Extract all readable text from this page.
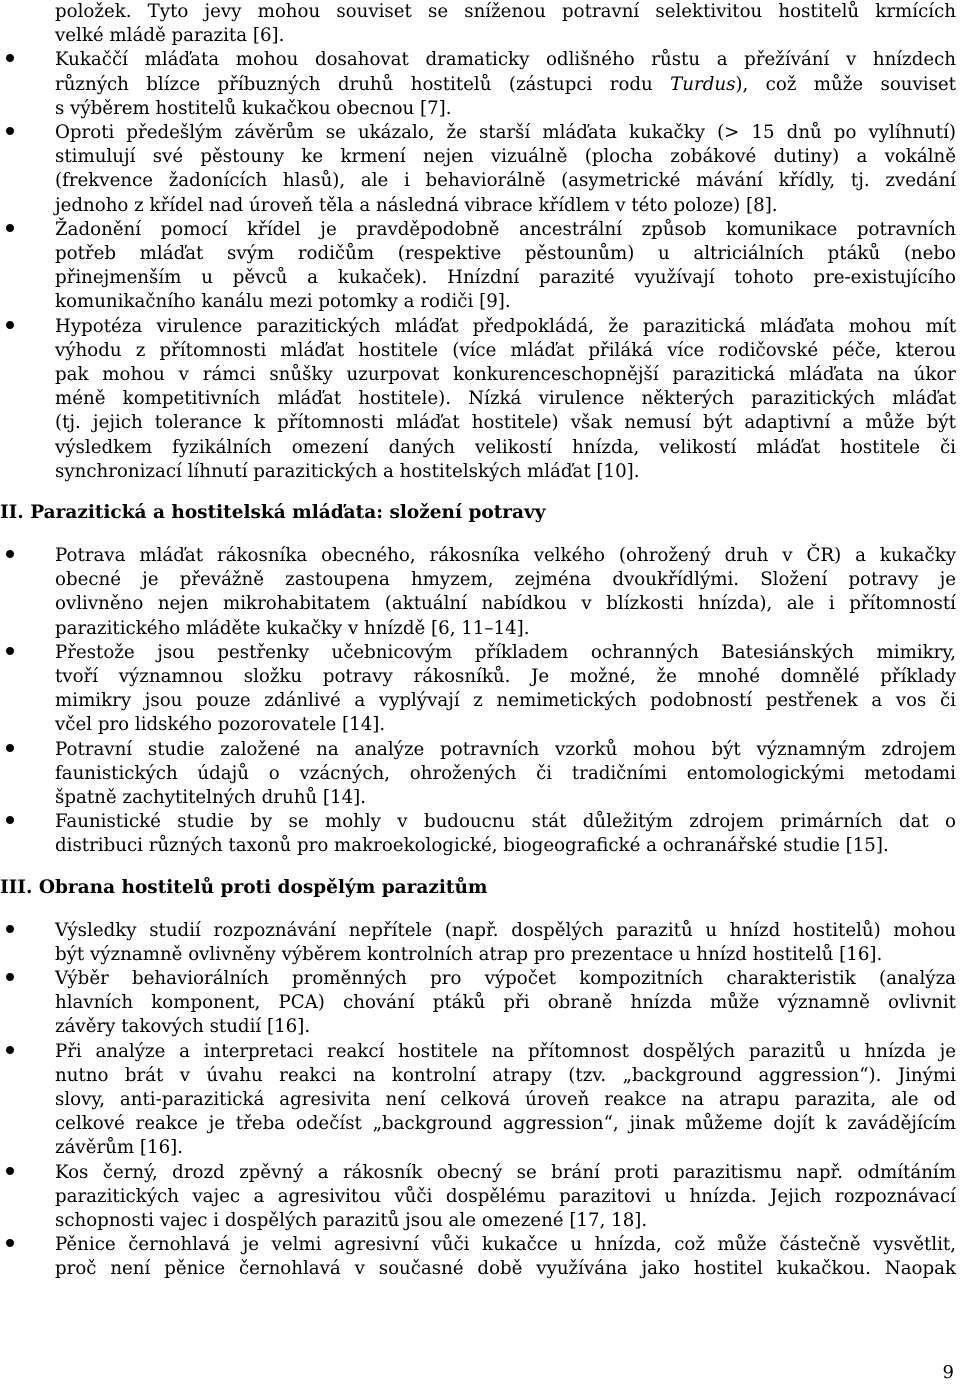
9
položek. Tyto jevy mohou souviset se sníženou potravní selektivitou hostitelů krmících
velké mládě parazita [6].
Kukaččí mláďata mohou dosahovat dramaticky odlišného růstu a přežívání v hnízdech
různých blízce příbuzných druhů hostitelů (zástupci rodu Turdus), což může souviset
s výběrem hostitelů kukačkou obecnou [7].
Oproti předešlým závěrům se ukázalo, že starší mláďata kukačky (> 15 dnů po vylíhnutí)
stimulují své pěstouny ke krmení nejen vizuálně (plocha zobákové dutiny) a vokálně
(frekvence žadonících hlasů), ale i behaviorálně (asymetrické mávání křídly, tj. zvedání
jednoho z křídel nad úroveň těla a následná vibrace křídlem v této poloze) [8].
Žadonění pomocí křídel je pravděpodobně ancestrální způsob komunikace potravních
potřeb mláďat svým rodičům (respektive pěstounům) u altriciálních ptáků (nebo
přinejmenším u pěvců a kukaček). Hnízdní parazité využívají tohoto pre-existujícího
komunikačního kanálu mezi potomky a rodiči [9].
Hypotéza virulence parazitických mláďat předpokládá, že parazitická mláďata mohou mít
výhodu z přítomnosti mláďat hostitele (více mláďat přiláká více rodičovské péče, kterou
pak mohou v rámci snůšky uzurpovat konkurenceschopnější parazitická mláďata na úkor
méně kompetitivních mláďat hostitele). Nízká virulence některých parazitických mláďat
(tj. jejich tolerance k přítomnosti mláďat hostitele) však nemusí být adaptivní a může být
výsledkem fyzikálních omezení daných velikostí hnízda, velikostí mláďat hostitele či
synchronizací líhnutí parazitických a hostitelských mláďat [10].
II. Parazitická a hostitelská mláďata: složení potravy
Potrava mláďat rákosníka obecného, rákosníka velkého (ohrožený druh v ČR) a kukačky
obecné je převážně zastoupena hmyzem, zejména dvoukřídlými. Složení potravy je
ovlivněno nejen mikrohabitatem (aktuální nabídkou v blízkosti hnízda), ale i přítomností
parazitického mláděte kukačky v hnízdě [6, 11–14].
Přestože jsou pestřenky učebnicovým příkladem ochranných Batesiánských mimikry,
tvoří významnou složku potravy rákosníků. Je možné, že mnohé domnělé příklady
mimikry jsou pouze zdánlivé a vyplývají z nemimetických podobností pestřenek a vos či
včel pro lidského pozorovatele [14].
Potravní studie založené na analýze potravních vzorků mohou být významným zdrojem
faunistických údajů o vzácných, ohrožených či tradičními entomologickými metodami
špatně zachytitelných druhů [14].
Faunistické studie by se mohly v budoucnu stát důležitým zdrojem primárních dat o
distribuci různých taxonů pro makroekologické, biogeografické a ochranářské studie [15].
III. Obrana hostitelů proti dospělým parazitům
Výsledky studií rozpoznávání nepřítele (např. dospělých parazitů u hnízd hostitelů) mohou
být významně ovlivněny výběrem kontrolních atrap pro prezentace u hnízd hostitelů [16].
Výběr behaviorálních proměnných pro výpočet kompozitních charakteristik (analýza
hlavních komponent, PCA) chování ptáků při obraně hnízda může významně ovlivnit
závěry takových studií [16].
Při analýze a interpretaci reakcí hostitele na přítomnost dospělých parazitů u hnízda je
nutno brát v úvahu reakci na kontrolní atrapy (tzv. „background aggression“). Jinými
slovy, anti-parazitická agresivita není celková úroveň reakce na atrapu parazita, ale od
celkové reakce je třeba odečíst „background aggression“, jinak můžeme dojít k zavádějícím
závěrům [16].
Kos černý, drozd zpěvný a rákosník obecný se brání proti parazitismu např. odmítáním
parazitických vajec a agresivitou vůči dospělému parazitovi u hnízda. Jejich rozpoznávací
schopnosti vajec i dospělých parazitů jsou ale omezené [17, 18].
Pěnice černohlavá je velmi agresivní vůči kukačce u hnízda, což může částečně vysvětlit,
proč není pěnice černohlavá v současné době využívána jako hostitel kukačkou. Naopak
